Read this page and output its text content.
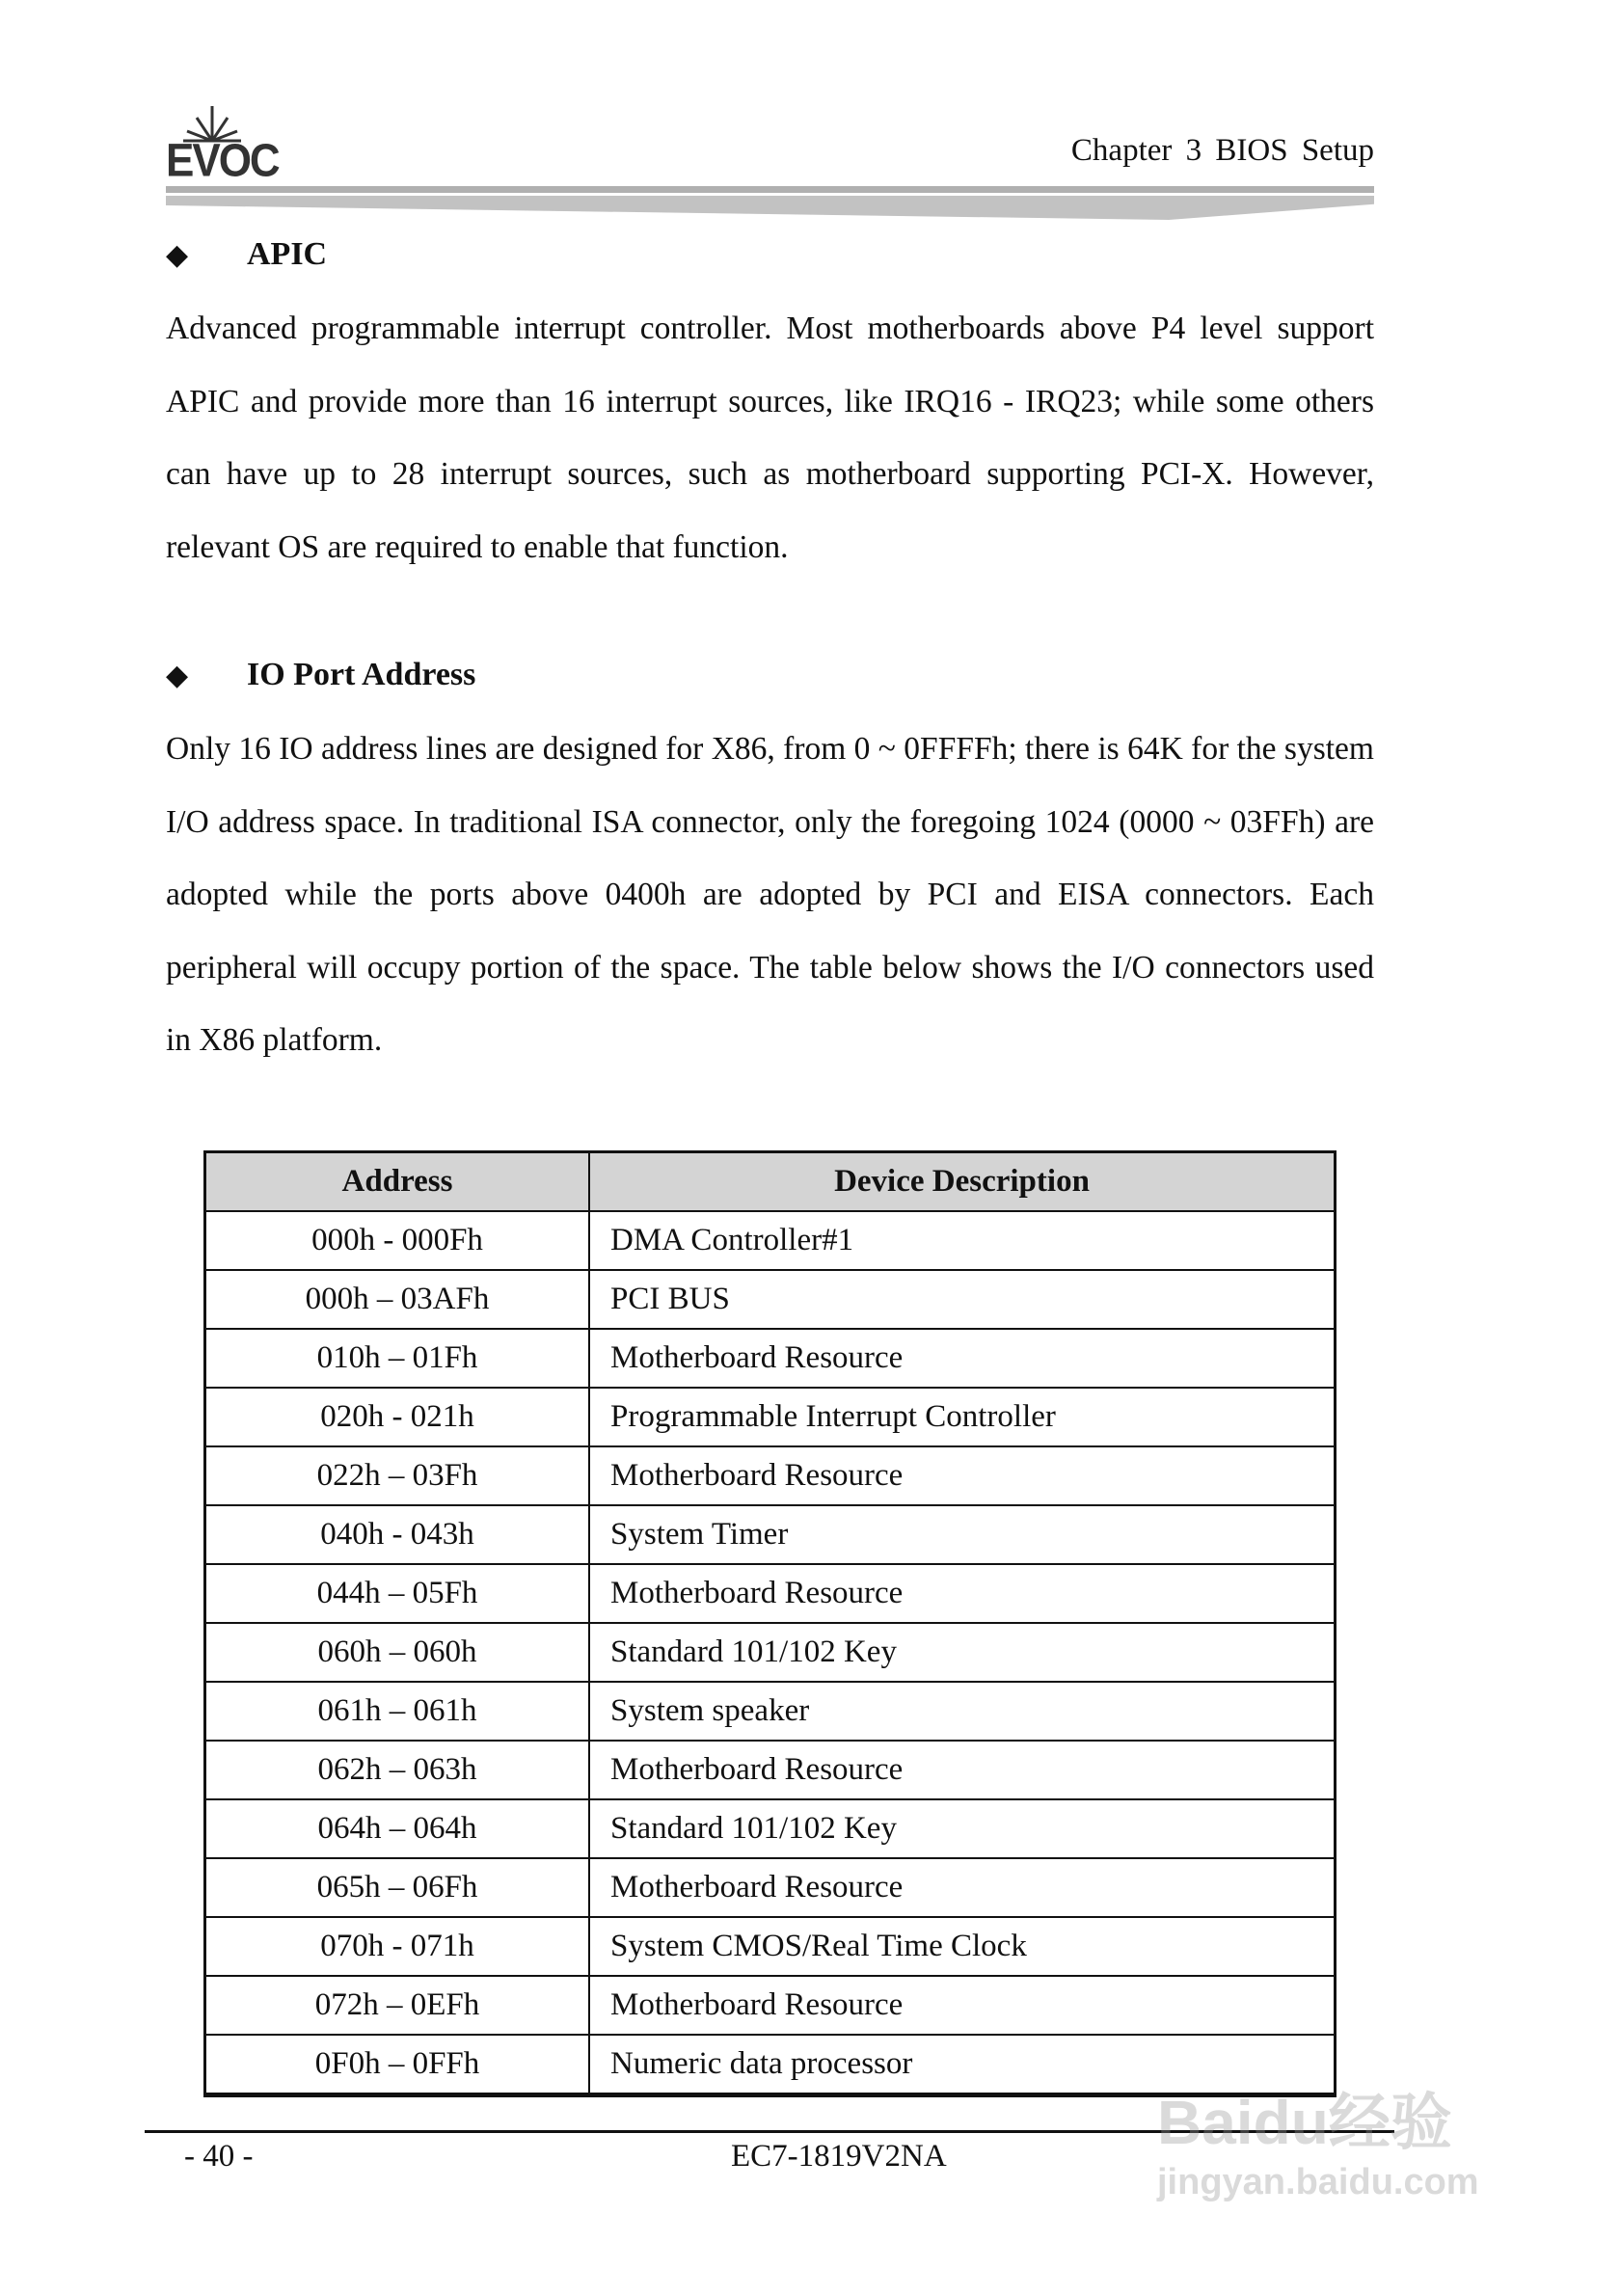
EVOC	Chapter 3 BIOS Setup
◆ APIC

Advanced programmable interrupt controller. Most motherboards above P4 level support APIC and provide more than 16 interrupt sources, like IRQ16 - IRQ23; while some others can have up to 28 interrupt sources, such as motherboard supporting PCI-X. However, relevant OS are required to enable that function.

◆ IO Port Address

Only 16 IO address lines are designed for X86, from 0 ~ 0FFFFh; there is 64K for the system I/O address space. In traditional ISA connector, only the foregoing 1024 (0000 ~ 03FFh) are adopted while the ports above 0400h are adopted by PCI and EISA connectors. Each peripheral will occupy portion of the space. The table below shows the I/O connectors used in X86 platform.

Address	Device Description
000h - 000Fh	DMA Controller#1
000h – 03AFh	PCI BUS
010h – 01Fh	Motherboard Resource
020h - 021h	Programmable Interrupt Controller
022h – 03Fh	Motherboard Resource
040h - 043h	System Timer
044h – 05Fh	Motherboard Resource
060h – 060h	Standard 101/102 Key
061h – 061h	System speaker
062h – 063h	Motherboard Resource
064h – 064h	Standard 101/102 Key
065h – 06Fh	Motherboard Resource
070h - 071h	System CMOS/Real Time Clock
072h – 0EFh	Motherboard Resource
0F0h – 0FFh	Numeric data processor
- 40 -	EC7-1819V2NA	Baidu经验
jingyan.baidu.com
